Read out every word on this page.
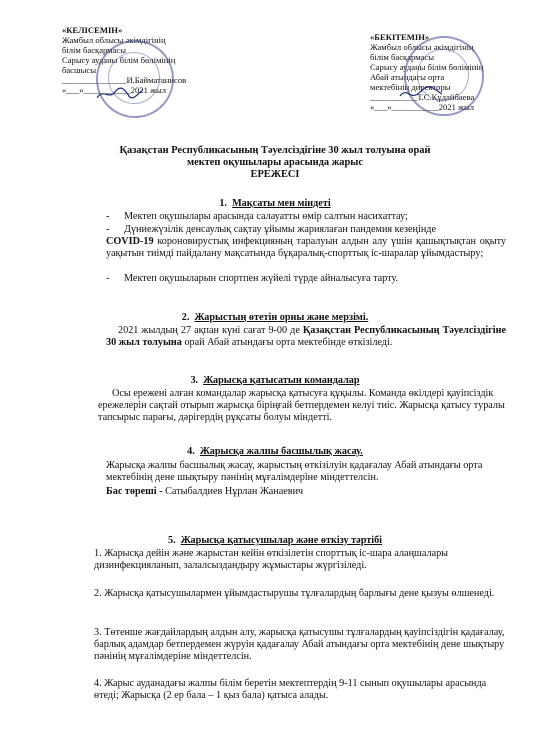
«КЕЛІСЕМІН»
Жамбыл облысы әкімдігінің
білім басқармасы
Сарысу ауданы білім бөлімінің
басшысы
_______________И.Байматанисов
«___»___________2021 жыл
«БЕКІТЕМІН»
Жамбыл облысы әкімдігінің
білім басқармасы
Сарысу ауданы білім бөлімінің
Абай атындағы орта
мектебінің директоры
___________Т.С.Құдайбаева
«___»___________2021 жыл
Қазақстан Республикасының Тәуелсіздігіне 30 жыл толуына орай
мектеп оқушылары арасында жарыс
ЕРЕЖЕСІ
1. Мақсаты мен міндеті
- Мектеп оқушылары арасында салауатты өмір салтын насихаттау;
- Дүниежүзілік денсаулық сақтау ұйымы жариялаған пандемия кезеңінде
COVID-19 короновирустық инфекцияның таралуын алдын алу үшін қашықтықтан оқыту уақытын тиімді пайдалану мақсатында бұқаралық-спорттық іс-шаралар ұйымдастыру;
- Мектеп оқушыларын спортпен жүйелі түрде айналысуға тарту.
2. Жарыстың өтетін орны және мерзімі.
2021 жылдың 27 ақпан күні сағат 9-00 де Қазақстан Республикасының Тәуелсіздігіне 30 жыл толуына орай Абай атындағы орта мектебінде өткізіледі.
3. Жарысқа қатысатын командалар
Осы ережені алған командалар жарысқа қатысуға құқылы. Команда өкілдері қауіпсіздік ережелерін сақтай отырып жарысқа біріңғай бетпердемен келуі тиіс. Жарысқа қатысу туралы тапсырыс парағы, дәрігердің рұқсаты болуы міндетті.
4. Жарысқа жалпы басшылық жасау.
Жарысқа жалпы басшылық жасау, жарыстың өткізілуін қадағалау Абай атындағы орта мектебінің дене шықтыру пәнінің мұғалімдеріне міндеттелсін.
Бас төреші - Сатыбалдиев Нұрлан Жанаевич
5. Жарысқа қатысушылар және өткізу тәртібі
1. Жарысқа дейін және жарыстан кейін өткізілетін спорттық іс-шара алаңшалары дизинфекцияланып, залалсыздандыру жұмыстары жүргізіледі.
2. Жарысқа қатысушылармен ұйымдастырушы тұлғалардың барлығы дене қызуы өлшенеді.
3. Төтенше жағдайлардың алдын алу, жарысқа қатысушы тұлғалардың қауіпсіздігін қадағалау, барлық адамдар бетпердемен жүруін қадағалау Абай атындағы орта мектебінің дене шықтыру пәнінің мұғалімдеріне міндеттелсін.
4. Жарыс ауданадағы жалпы білім беретін мектептердің 9-11 сынып оқушылары арасында өтеді; Жарысқа (2 ер бала – 1 қыз бала) қатыса алады.
